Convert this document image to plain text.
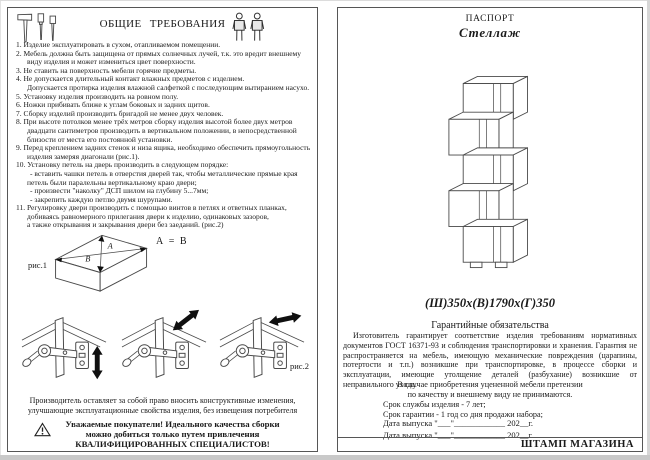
ОБЩИЕ ТРЕБОВАНИЯ
1. Изделие эксплуатировать в сухом, отапливаемом помещении.
2. Мебель должна быть защищена от прямых солнечных лучей, т.к. это вредит внешнему
виду изделия и может измениться цвет поверхности.
3. Не ставить на поверхность мебели горячие предметы.
4. Не допускается длительный контакт влажных предметов с изделием.
Допускается протирка изделия влажной салфеткой с последующим вытиранием насухо.
5. Установку изделия производить на ровном полу.
6. Ножки прибивать ближе к углам боковых и задних щитов.
7. Сборку изделий производить бригадой не менее двух человек.
8. При высоте потолков менее трёх метров сборку изделия высотой более двух метров
двадцати сантиметров производить в вертикальном положении, в непосредственной
близости от места его постоянной установки.
9. Перед креплением задних стенок и низа ящика, необходимо обеспечить прямоугольность
изделия замеряя диагонали (рис.1).
10. Установку петель на дверь производить в следующем порядке:
- вставить чашки петель в отверстия дверей так, чтобы металлические прямые края
петель были паралельны вертикальному краю двери;
- произвести "наколку" ДСП шилом на глубину 5...7мм;
- закрепить каждую петлю двумя шурупами.
11. Регулировку двери производить с помощью винтов в петлях и ответных планках,
добиваясь равномерного прилегания двери к изделию, одинаковых зазоров,
а также открывания и закрывания двери без заеданий. (рис.2)
рис.1
А
В
А = В
рис.2
Производитель оставляет за собой право вносить конструктивные изменения,
улучшающие эксплуатационные свойства изделия, без извещения потребителя
Уважаемые покупатели! Идеального качества сборки
можно добиться только путем привлечения
КВАЛИФИЦИРОВАННЫХ СПЕЦИАЛИСТОВ!
ПАСПОРТ
Стеллаж
(Ш)350х(В)1790х(Г)350
Гарантийные обязательства
Изготовитель гарантирует соответствие изделия требованиям нормативных документов ГОСТ 16371-93 и соблюдения транспортировки и хранения. Гарантия не распространяется на мебель, имеющую механические повреждения (царапины, потертости и т.п.) возникшие при транспортировке, в процессе сборки и эксплуатации, имеющие утолщение деталей (разбухание) возникшие от неправильного ухода.
В случае приобретения уцененной мебели претензии
по качеству и внешнему виду не принимаются.
Срок службы изделия - 7 лет;
Срок гарантии - 1 год со дня продажи набора;
Дата выпуска "___"____________ 202__г.
Дата выпуска "___"____________ 202__г.
ШТАМП МАГАЗИНА
